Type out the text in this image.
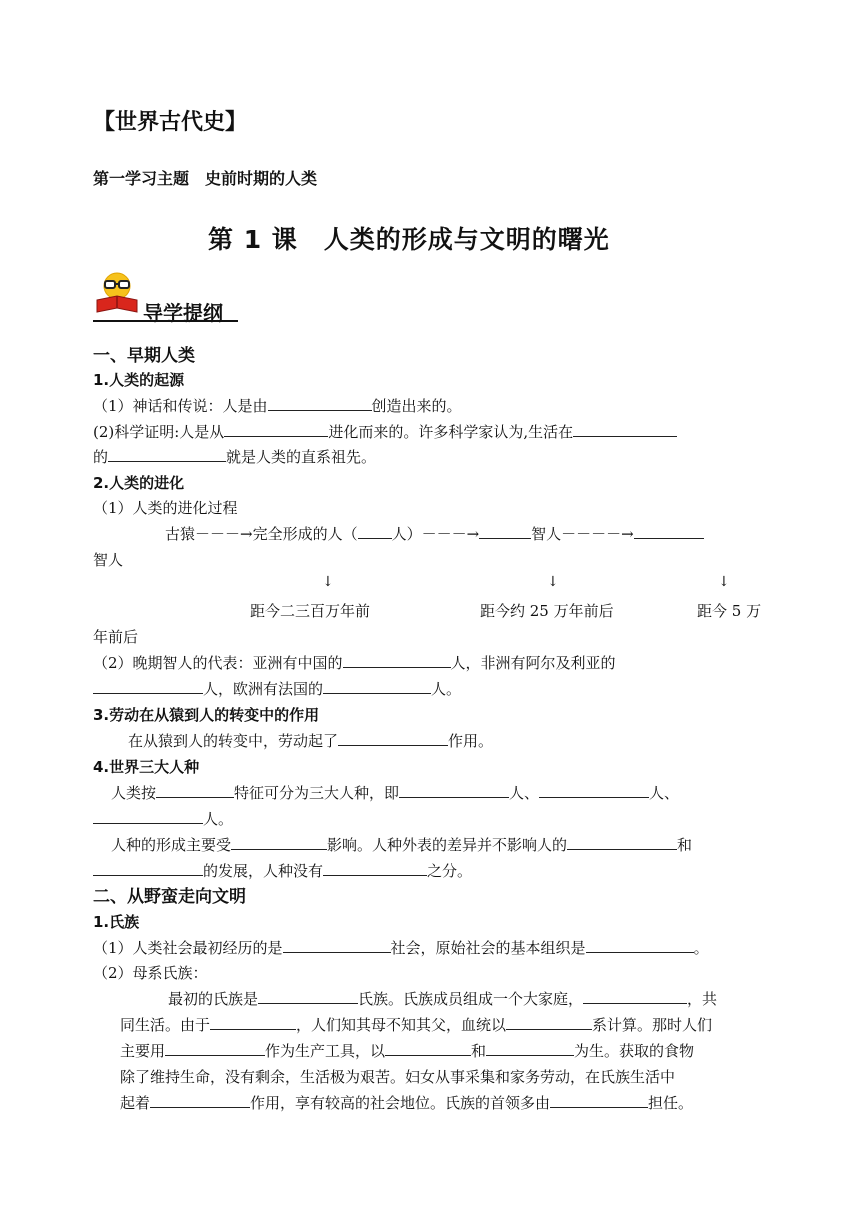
【世界古代史】
第一学习主题　史前时期的人类
第 1 课　人类的形成与文明的曙光
导学提纲
一、早期人类
1.人类的起源
（1）神话和传说：人是由	创造出来的。
(2)科学证明:人是从	进化而来的。许多科学家认为,生活在
的	就是人类的直系祖先。
2.人类的进化
（1）人类的进化过程
古猿－－－→完全形成的人（ 人）－－－→	智人－－－－→
智人
↓	↓	↓
距今二三百万年前	距今约 25 万年前后	距今 5 万
年前后
（2）晚期智人的代表：亚洲有中国的	人，非洲有阿尔及利亚的
人，欧洲有法国的	人。
3.劳动在从猿到人的转变中的作用
在从猿到人的转变中，劳动起了	作用。
4.世界三大人种
人类按	特征可分为三大人种，即	人、	人、
人。
人种的形成主要受	影响。人种外表的差异并不影响人的	和
的发展，人种没有	之分。
二、从野蛮走向文明
1.氏族
（1）人类社会最初经历的是	社会，原始社会的基本组织是	。
（2）母系氏族：
最初的氏族是	氏族。氏族成员组成一个大家庭，	，共
同生活。由于	，人们知其母不知其父，血统以	系计算。那时人们
主要用	作为生产工具，以	和	为生。获取的食物
除了维持生命，没有剩余，生活极为艰苦。妇女从事采集和家务劳动，在氏族生活中
起着	作用，享有较高的社会地位。氏族的首领多由	担任。
